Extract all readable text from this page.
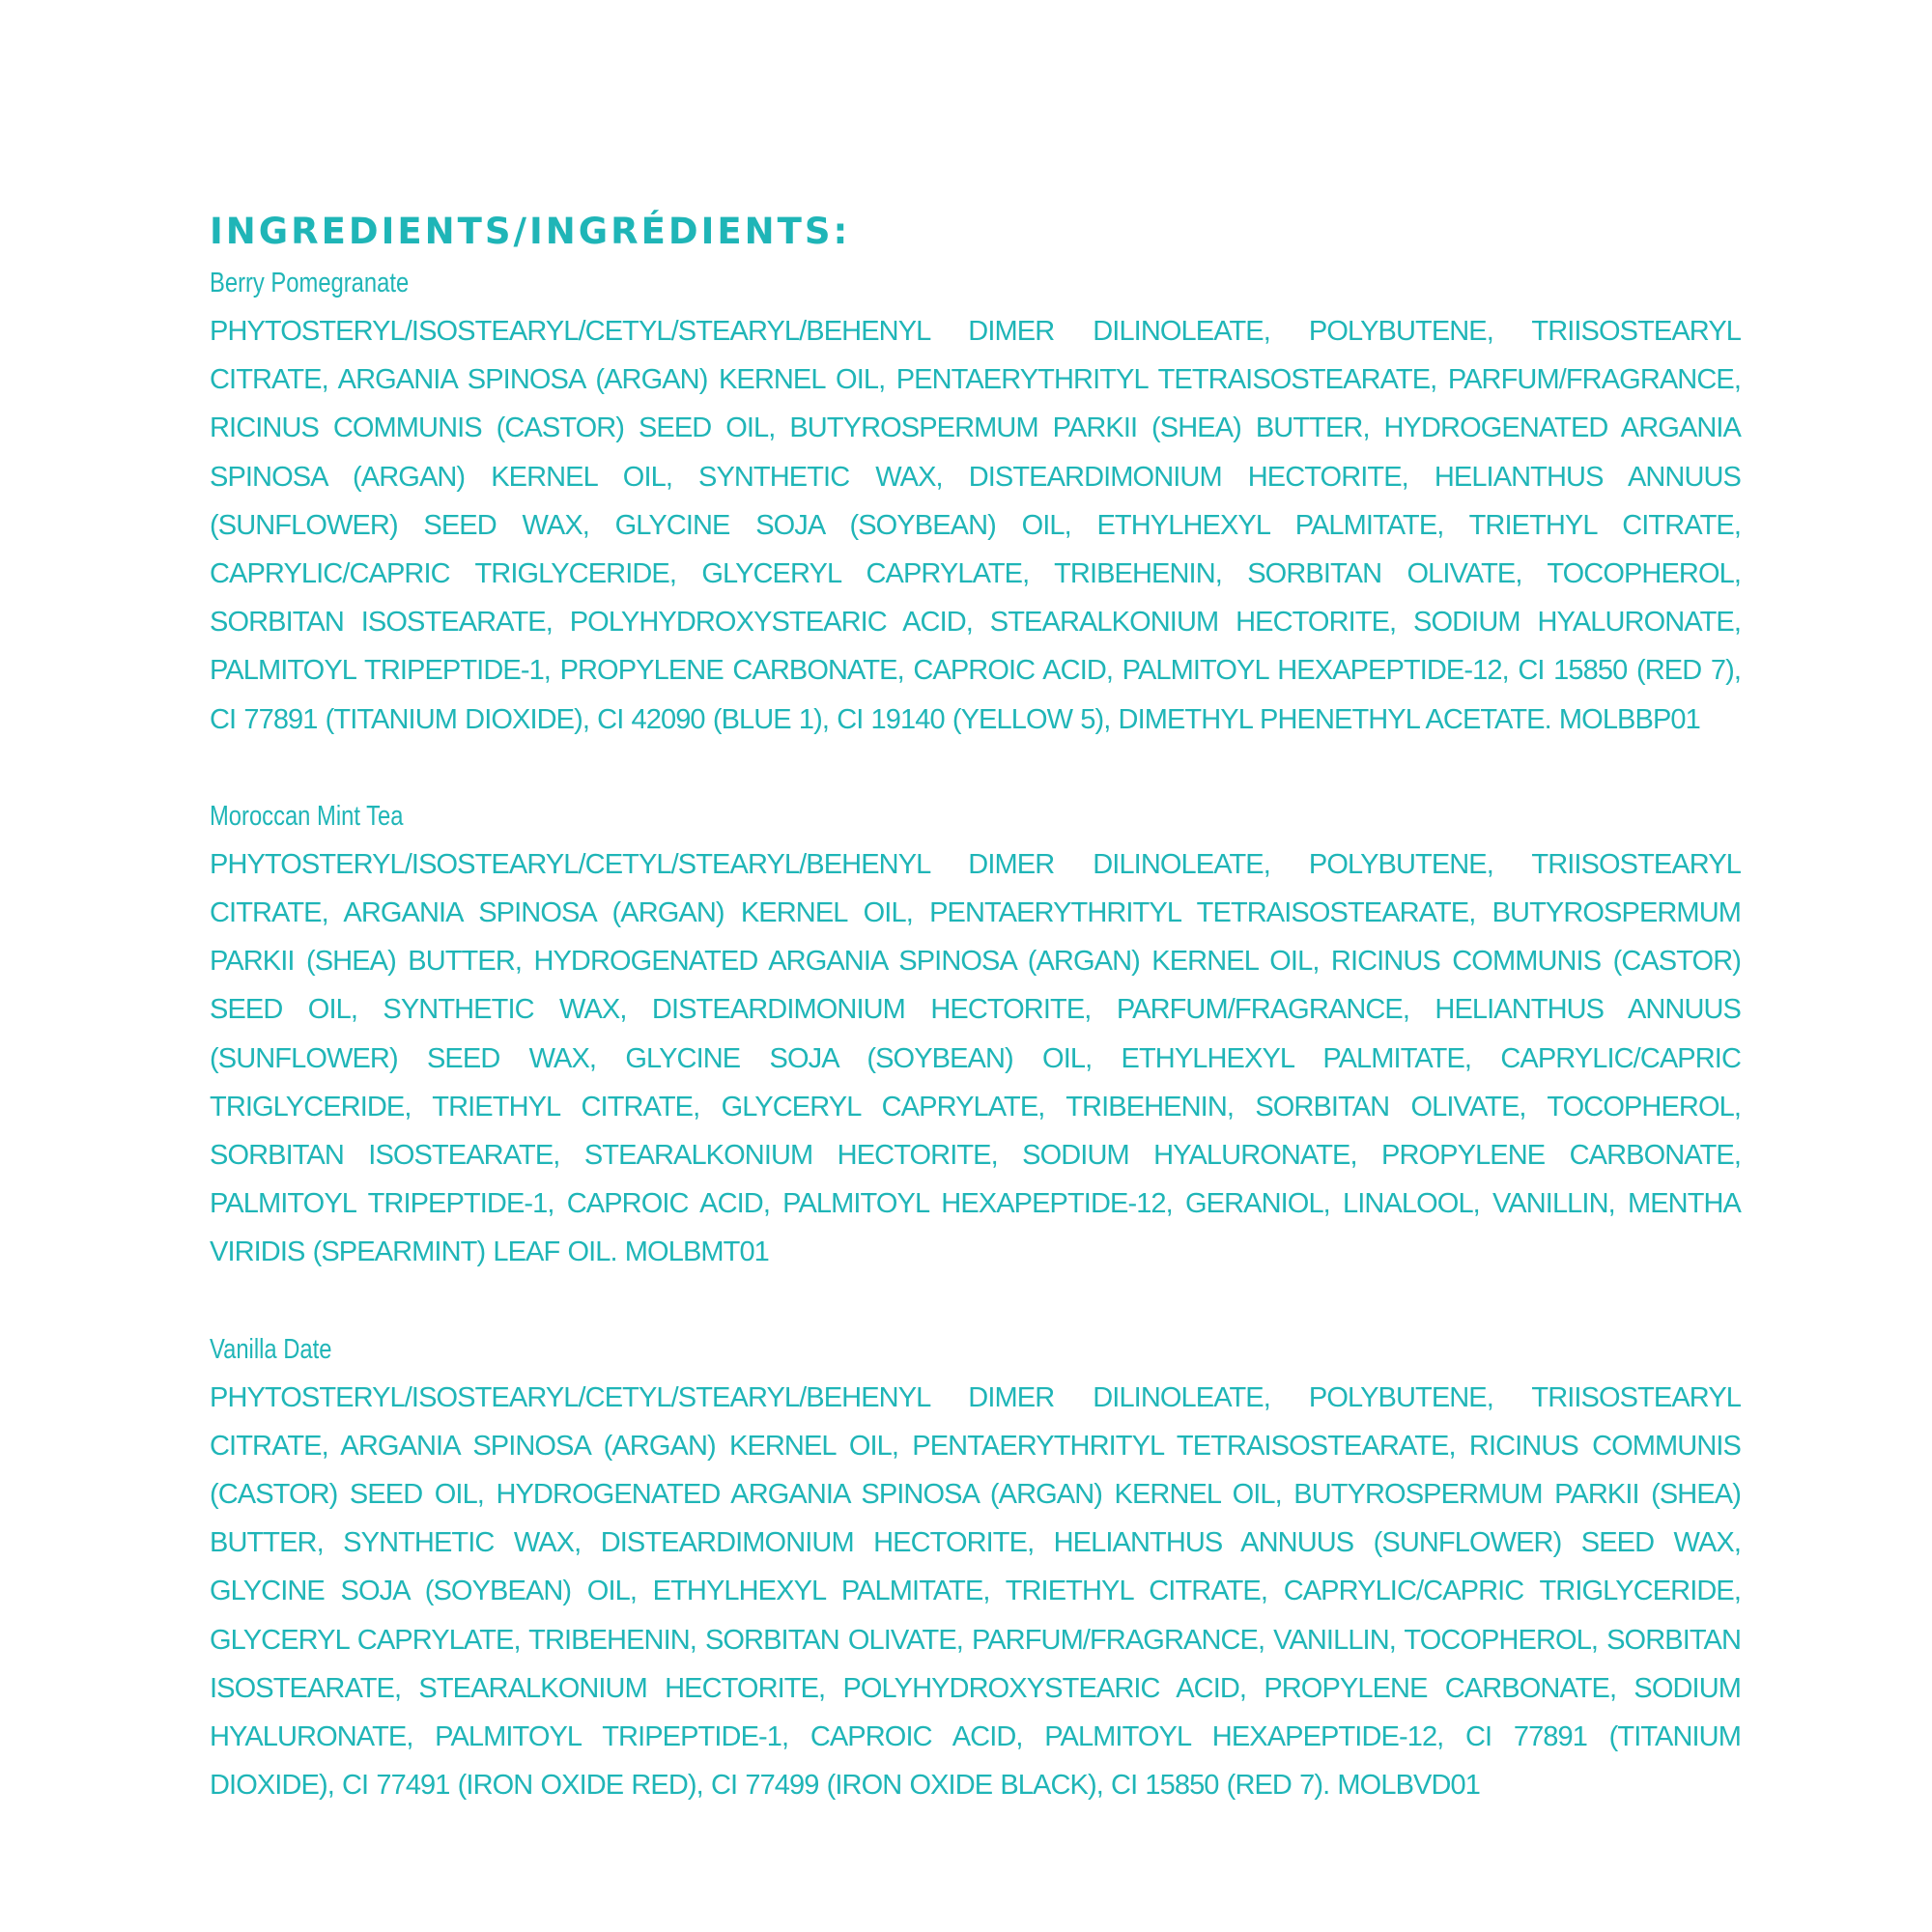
INGREDIENTS/INGRÉDIENTS:

Berry Pomegranate

PHYTOSTERYL/ISOSTEARYL/CETYL/STEARYL/BEHENYL DIMER DILINOLEATE, POLYBUTENE, TRIISOSTEARYL CITRATE, ARGANIA SPINOSA (ARGAN) KERNEL OIL, PENTAERYTHRITYL TETRAISOSTEARATE, PARFUM/FRAGRANCE, RICINUS COMMUNIS (CASTOR) SEED OIL, BUTYROSPERMUM PARKII (SHEA) BUTTER, HYDROGENATED ARGANIA SPINOSA (ARGAN) KERNEL OIL, SYNTHETIC WAX, DISTEARDIMONIUM HECTORITE, HELIANTHUS ANNUUS (SUNFLOWER) SEED WAX, GLYCINE SOJA (SOYBEAN) OIL, ETHYLHEXYL PALMITATE, TRIETHYL CITRATE, CAPRYLIC/CAPRIC TRIGLYCERIDE, GLYCERYL CAPRYLATE, TRIBEHENIN, SORBITAN OLIVATE, TOCOPHEROL, SORBITAN ISOSTEARATE, POLYHYDROXYSTEARIC ACID, STEARALKONIUM HECTORITE, SODIUM HYALURONATE, PALMITOYL TRIPEPTIDE-1, PROPYLENE CARBONATE, CAPROIC ACID, PALMITOYL HEXAPEPTIDE-12, CI 15850 (RED 7), CI 77891 (TITANIUM DIOXIDE), CI 42090 (BLUE 1), CI 19140 (YELLOW 5), DIMETHYL PHENETHYL ACETATE. MOLBBP01

Moroccan Mint Tea

PHYTOSTERYL/ISOSTEARYL/CETYL/STEARYL/BEHENYL DIMER DILINOLEATE, POLYBUTENE, TRIISOSTEARYL CITRATE, ARGANIA SPINOSA (ARGAN) KERNEL OIL, PENTAERYTHRITYL TETRAISOSTEARATE, BUTYROSPERMUM PARKII (SHEA) BUTTER, HYDROGENATED ARGANIA SPINOSA (ARGAN) KERNEL OIL, RICINUS COMMUNIS (CASTOR) SEED OIL, SYNTHETIC WAX, DISTEARDIMONIUM HECTORITE, PARFUM/FRAGRANCE, HELIANTHUS ANNUUS (SUNFLOWER) SEED WAX, GLYCINE SOJA (SOYBEAN) OIL, ETHYLHEXYL PALMITATE, CAPRYLIC/CAPRIC TRIGLYCERIDE, TRIETHYL CITRATE, GLYCERYL CAPRYLATE, TRIBEHENIN, SORBITAN OLIVATE, TOCOPHEROL, SORBITAN ISOSTEARATE, STEARALKONIUM HECTORITE, SODIUM HYALURONATE, PROPYLENE CARBONATE, PALMITOYL TRIPEPTIDE-1, CAPROIC ACID, PALMITOYL HEXAPEPTIDE-12, GERANIOL, LINALOOL, VANILLIN, MENTHA VIRIDIS (SPEARMINT) LEAF OIL. MOLBMT01

Vanilla Date

PHYTOSTERYL/ISOSTEARYL/CETYL/STEARYL/BEHENYL DIMER DILINOLEATE, POLYBUTENE, TRIISOSTEARYL CITRATE, ARGANIA SPINOSA (ARGAN) KERNEL OIL, PENTAERYTHRITYL TETRAISOSTEARATE, RICINUS COMMUNIS (CASTOR) SEED OIL, HYDROGENATED ARGANIA SPINOSA (ARGAN) KERNEL OIL, BUTYROSPERMUM PARKII (SHEA) BUTTER, SYNTHETIC WAX, DISTEARDIMONIUM HECTORITE, HELIANTHUS ANNUUS (SUNFLOWER) SEED WAX, GLYCINE SOJA (SOYBEAN) OIL, ETHYLHEXYL PALMITATE, TRIETHYL CITRATE, CAPRYLIC/CAPRIC TRIGLYCERIDE, GLYCERYL CAPRYLATE, TRIBEHENIN, SORBITAN OLIVATE, PARFUM/FRAGRANCE, VANILLIN, TOCOPHEROL, SORBITAN ISOSTEARATE, STEARALKONIUM HECTORITE, POLYHYDROXYSTEARIC ACID, PROPYLENE CARBONATE, SODIUM HYALURONATE, PALMITOYL TRIPEPTIDE-1, CAPROIC ACID, PALMITOYL HEXAPEPTIDE-12, CI 77891 (TITANIUM DIOXIDE), CI 77491 (IRON OXIDE RED), CI 77499 (IRON OXIDE BLACK), CI 15850 (RED 7). MOLBVD01
